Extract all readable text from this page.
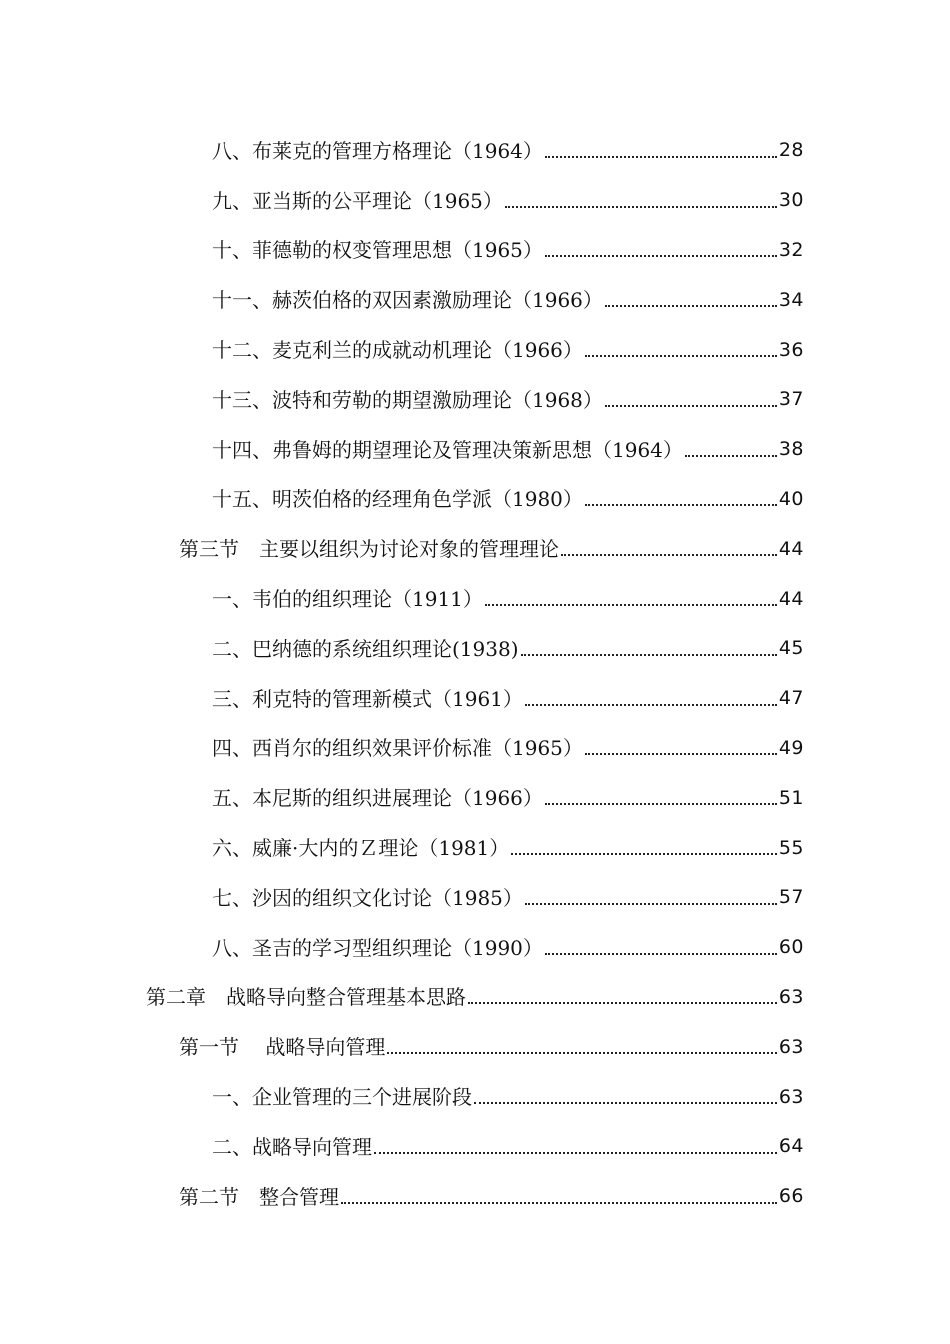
八、布莱克的管理方格理论（1964）	28
九、亚当斯的公平理论（1965）	30
十、菲德勒的权变管理思想（1965）	32
十一、赫茨伯格的双因素激励理论（1966）	34
十二、麦克利兰的成就动机理论（1966）	36
十三、波特和劳勒的期望激励理论（1968）	37
十四、弗鲁姆的期望理论及管理决策新思想（1964）	38
十五、明茨伯格的经理角色学派（1980）	40
第三节　主要以组织为讨论对象的管理理论	44
一、韦伯的组织理论（1911）	44
二、巴纳德的系统组织理论(1938)	45
三、利克特的管理新模式（1961）	47
四、西肖尔的组织效果评价标准（1965）	49
五、本尼斯的组织进展理论（1966）	51
六、威廉·大内的Ｚ理论（1981）	55
七、沙因的组织文化讨论（1985）	57
八、圣吉的学习型组织理论（1990）	60
第二章　战略导向整合管理基本思路	63
第一节　 战略导向管理	63
一、企业管理的三个进展阶段	63
二、战略导向管理	64
第二节　整合管理	66
